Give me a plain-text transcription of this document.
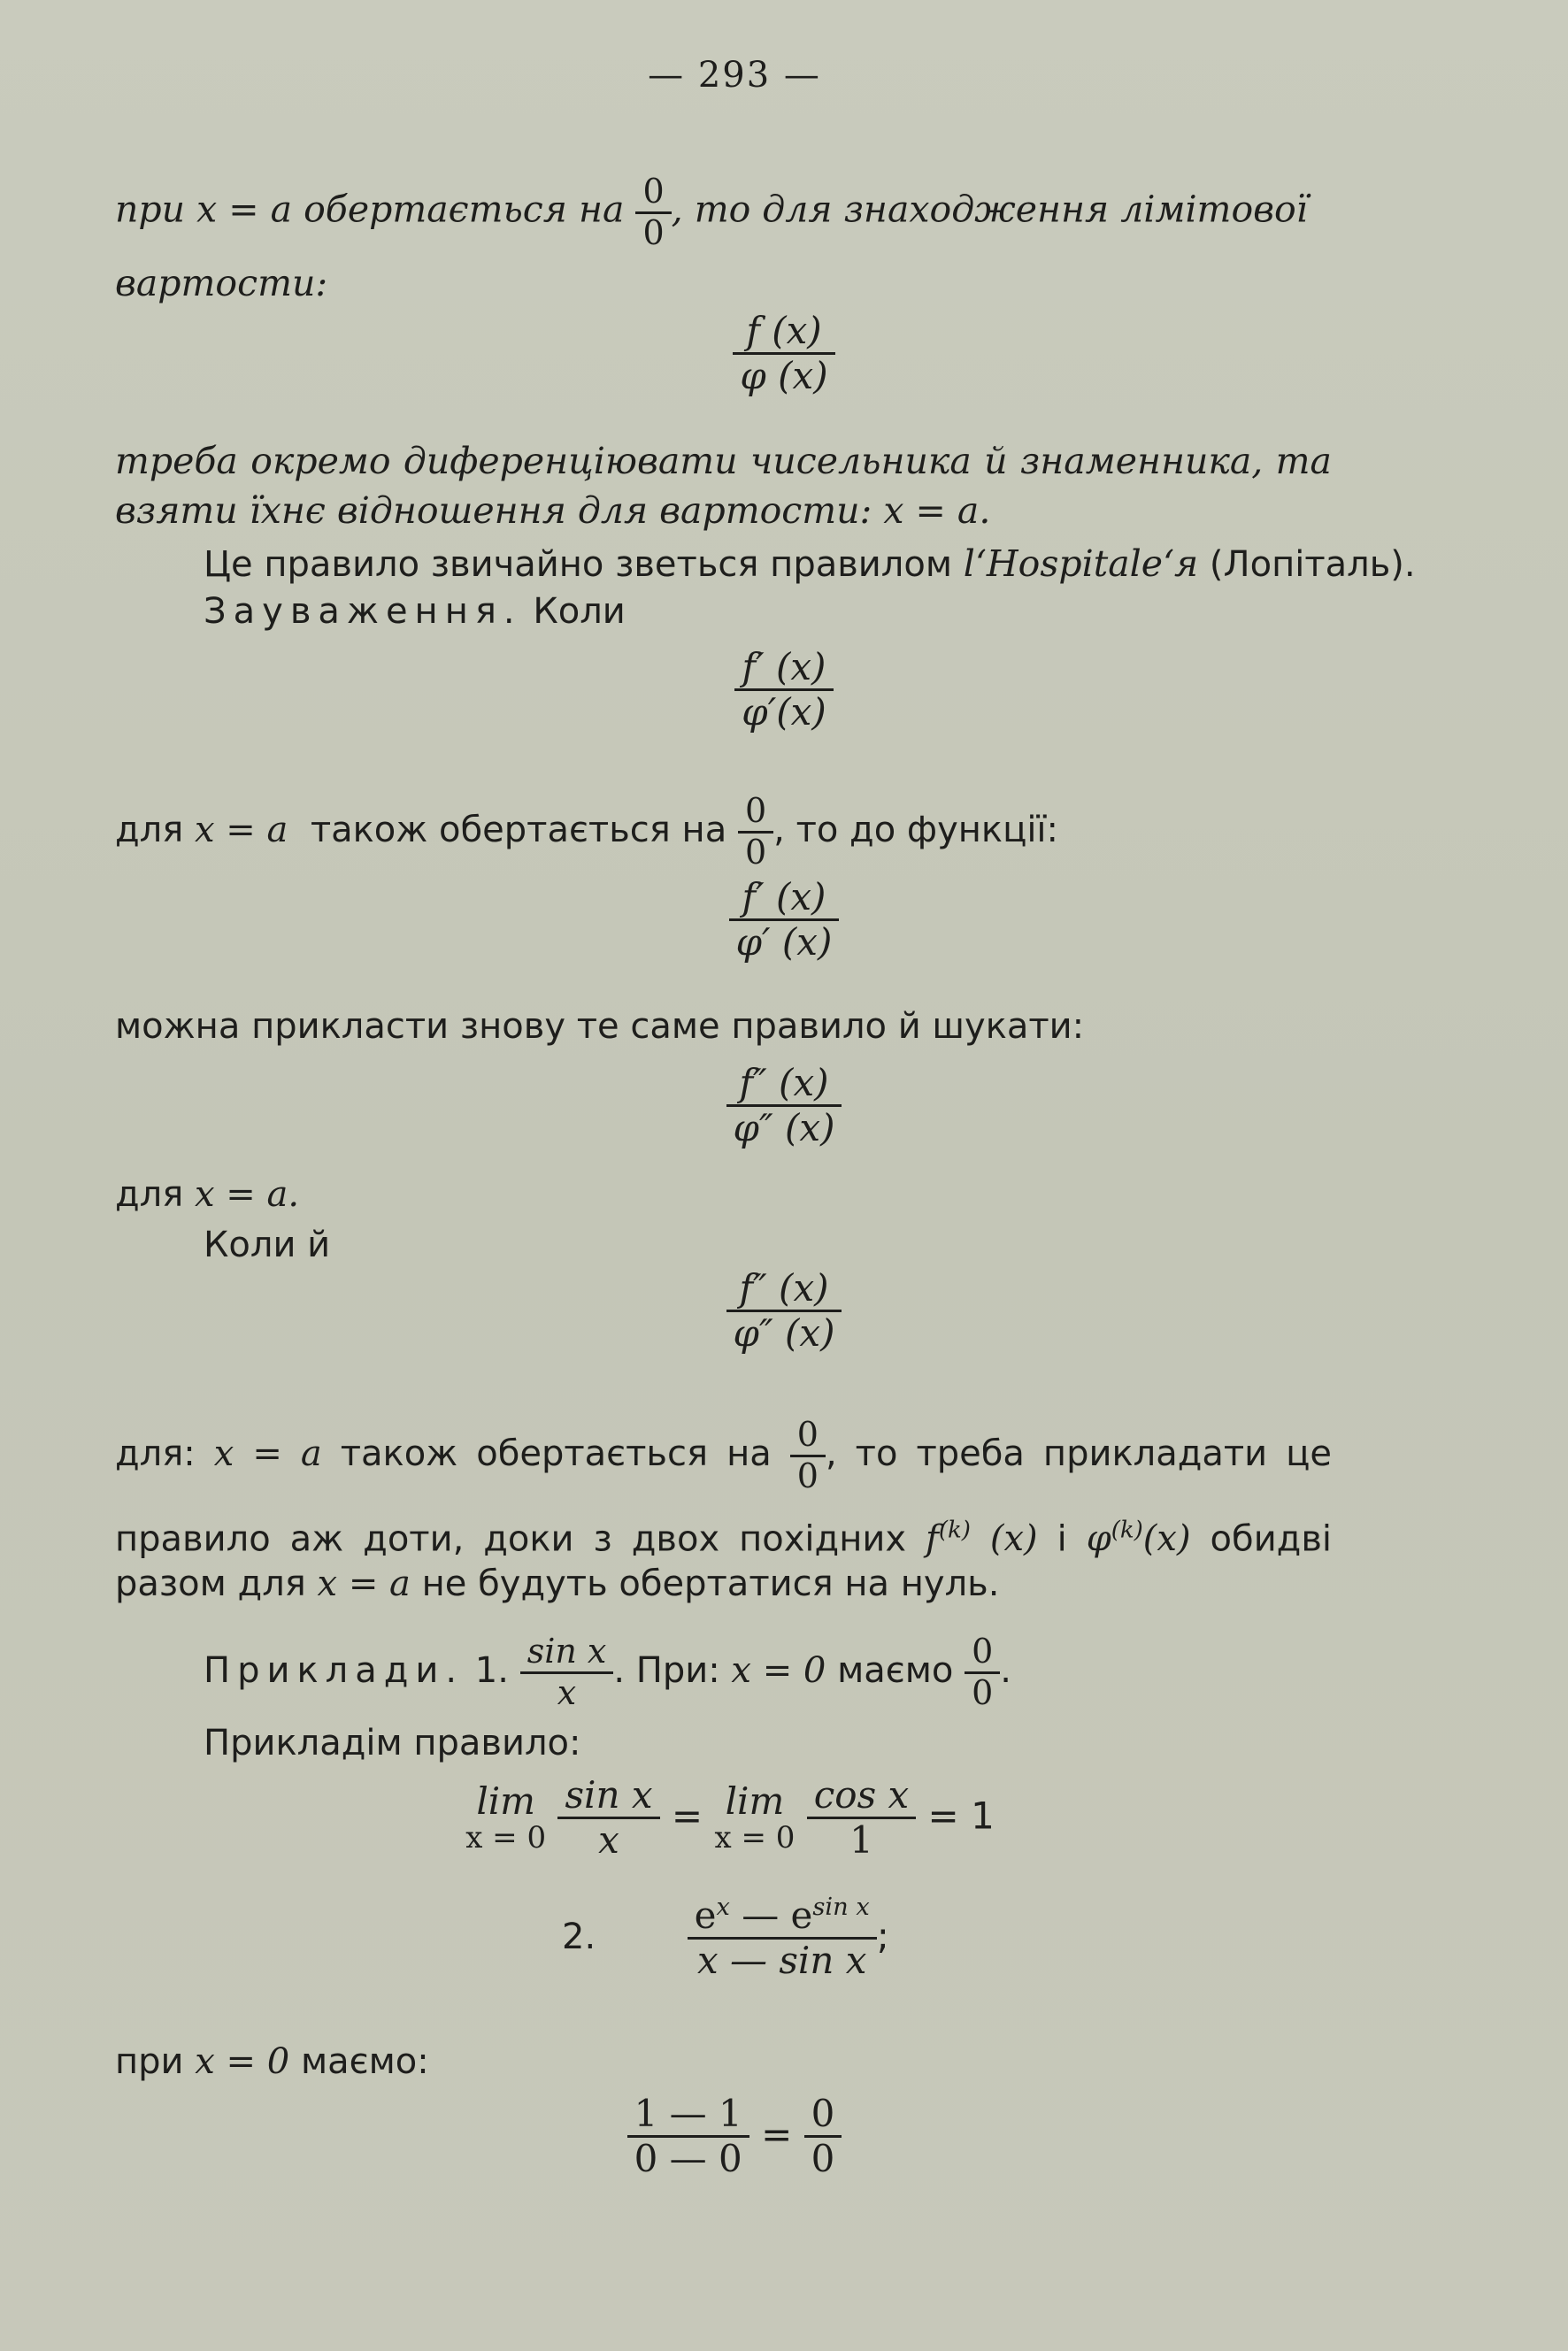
— 293 —
при x = a обертається на $\frac{0}{0}$ , то для знаходження лімітової
вартости:
$\frac{f (x)}{\varphi (x)}$
треба окремо диференціювати чисельника й знаменника, та
взяти їхнє відношення для вартости: x = a.
Це правило звичайно зветься правилом l‘Hospitale‘я (Лопіталь).
Зауваження. Коли
$\frac{f' (x)}{\varphi'(x)}$
для x = a також обертається на $\frac{0}{0}$ , то до функції:
$\frac{f' (x)}{\varphi' (x)}$
можна прикласти знову те саме правило й шукати:
$\frac{f'' (x)}{\varphi'' (x)}$
для x = a.
Коли й
$\frac{f'' (x)}{\varphi'' (x)}$
для: x = a також обертається на $\frac{0}{0}$ , то треба прикладати це
правило аж доти, доки з двох похідних $f^{(k)}$ (x) і $\varphi^{(k)}(x)$ обидві
разом для x = a не будуть обертатися на нуль.
Приклади. 1. $\frac{\text{sin x}}{x}$ . При: x = 0 маємо $\frac{0}{0}$ .
Прикладім правило:
lim
x = 0
$\frac{\text{sin x}}{x} = \lim$
x = 0
$\frac{\text{cos x}}{1} = 1$
2. $\frac{e^x — e^{sin x}}{\text{x — sin x}}$ ;
при x = 0 маємо:
$\frac{1 — 1}{0 — 0} = \frac{0}{0}$
